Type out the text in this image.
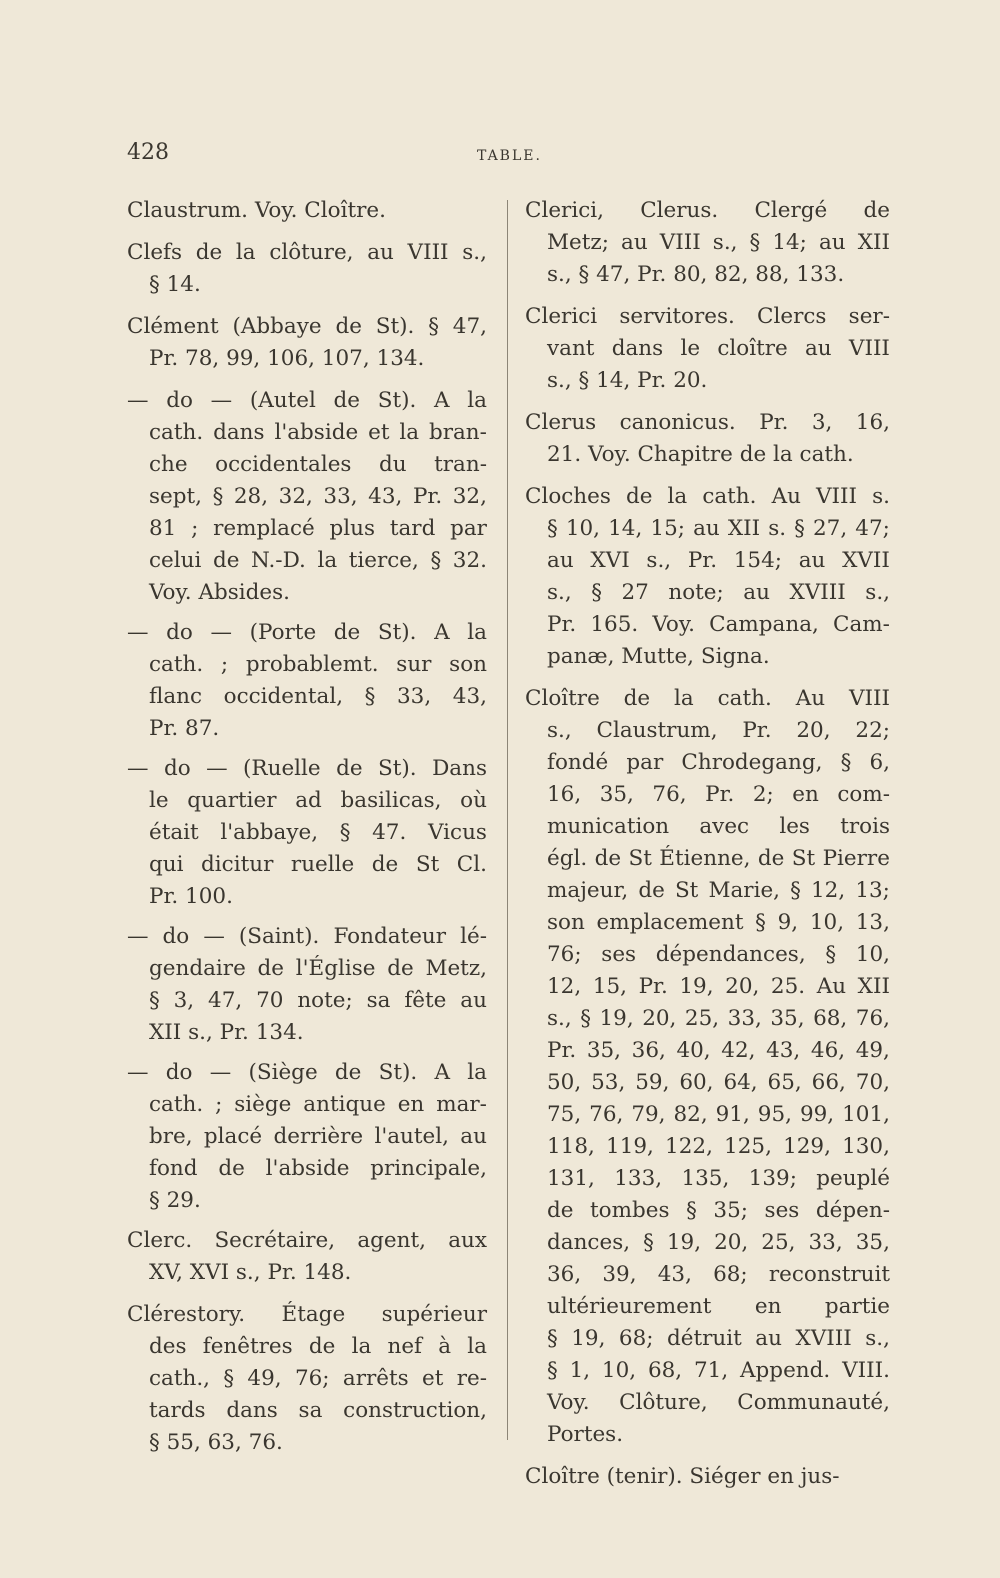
428	TABLE.
Claustrum. Voy. Cloître.
Clefs de la clôture, au VIII s.,
§ 14.
Clément (Abbaye de St). § 47,
Pr. 78, 99, 106, 107, 134.
— do — (Autel de St). A la
cath. dans l'abside et la bran-
che occidentales du tran-
sept, § 28, 32, 33, 43, Pr. 32,
81 ; remplacé plus tard par
celui de N.-D. la tierce, § 32.
Voy. Absides.
— do — (Porte de St). A la
cath. ; probablemt. sur son
flanc occidental, § 33, 43,
Pr. 87.
— do — (Ruelle de St). Dans
le quartier ad basilicas, où
était l'abbaye, § 47. Vicus
qui dicitur ruelle de St Cl.
Pr. 100.
— do — (Saint). Fondateur lé-
gendaire de l'Église de Metz,
§ 3, 47, 70 note; sa fête au
XII s., Pr. 134.
— do — (Siège de St). A la
cath. ; siège antique en mar-
bre, placé derrière l'autel, au
fond de l'abside principale,
§ 29.
Clerc. Secrétaire, agent, aux
XV, XVI s., Pr. 148.
Clérestory. Étage supérieur
des fenêtres de la nef à la
cath., § 49, 76; arrêts et re-
tards dans sa construction,
§ 55, 63, 76.
Clerici, Clerus. Clergé de
Metz; au VIII s., § 14; au XII
s., § 47, Pr. 80, 82, 88, 133.
Clerici servitores. Clercs ser-
vant dans le cloître au VIII
s., § 14, Pr. 20.
Clerus canonicus. Pr. 3, 16,
21. Voy. Chapitre de la cath.
Cloches de la cath. Au VIII s.
§ 10, 14, 15; au XII s. § 27, 47;
au XVI s., Pr. 154; au XVII
s., § 27 note; au XVIII s.,
Pr. 165. Voy. Campana, Cam-
panæ, Mutte, Signa.
Cloître de la cath. Au VIII
s., Claustrum, Pr. 20, 22;
fondé par Chrodegang, § 6,
16, 35, 76, Pr. 2; en com-
munication avec les trois
égl. de St Étienne, de St Pierre
majeur, de St Marie, § 12, 13;
son emplacement § 9, 10, 13,
76; ses dépendances, § 10,
12, 15, Pr. 19, 20, 25. Au XII
s., § 19, 20, 25, 33, 35, 68, 76,
Pr. 35, 36, 40, 42, 43, 46, 49,
50, 53, 59, 60, 64, 65, 66, 70,
75, 76, 79, 82, 91, 95, 99, 101,
118, 119, 122, 125, 129, 130,
131, 133, 135, 139; peuplé
de tombes § 35; ses dépen-
dances, § 19, 20, 25, 33, 35,
36, 39, 43, 68; reconstruit
ultérieurement en partie
§ 19, 68; détruit au XVIII s.,
§ 1, 10, 68, 71, Append. VIII.
Voy. Clôture, Communauté,
Portes.
Cloître (tenir). Siéger en jus-
